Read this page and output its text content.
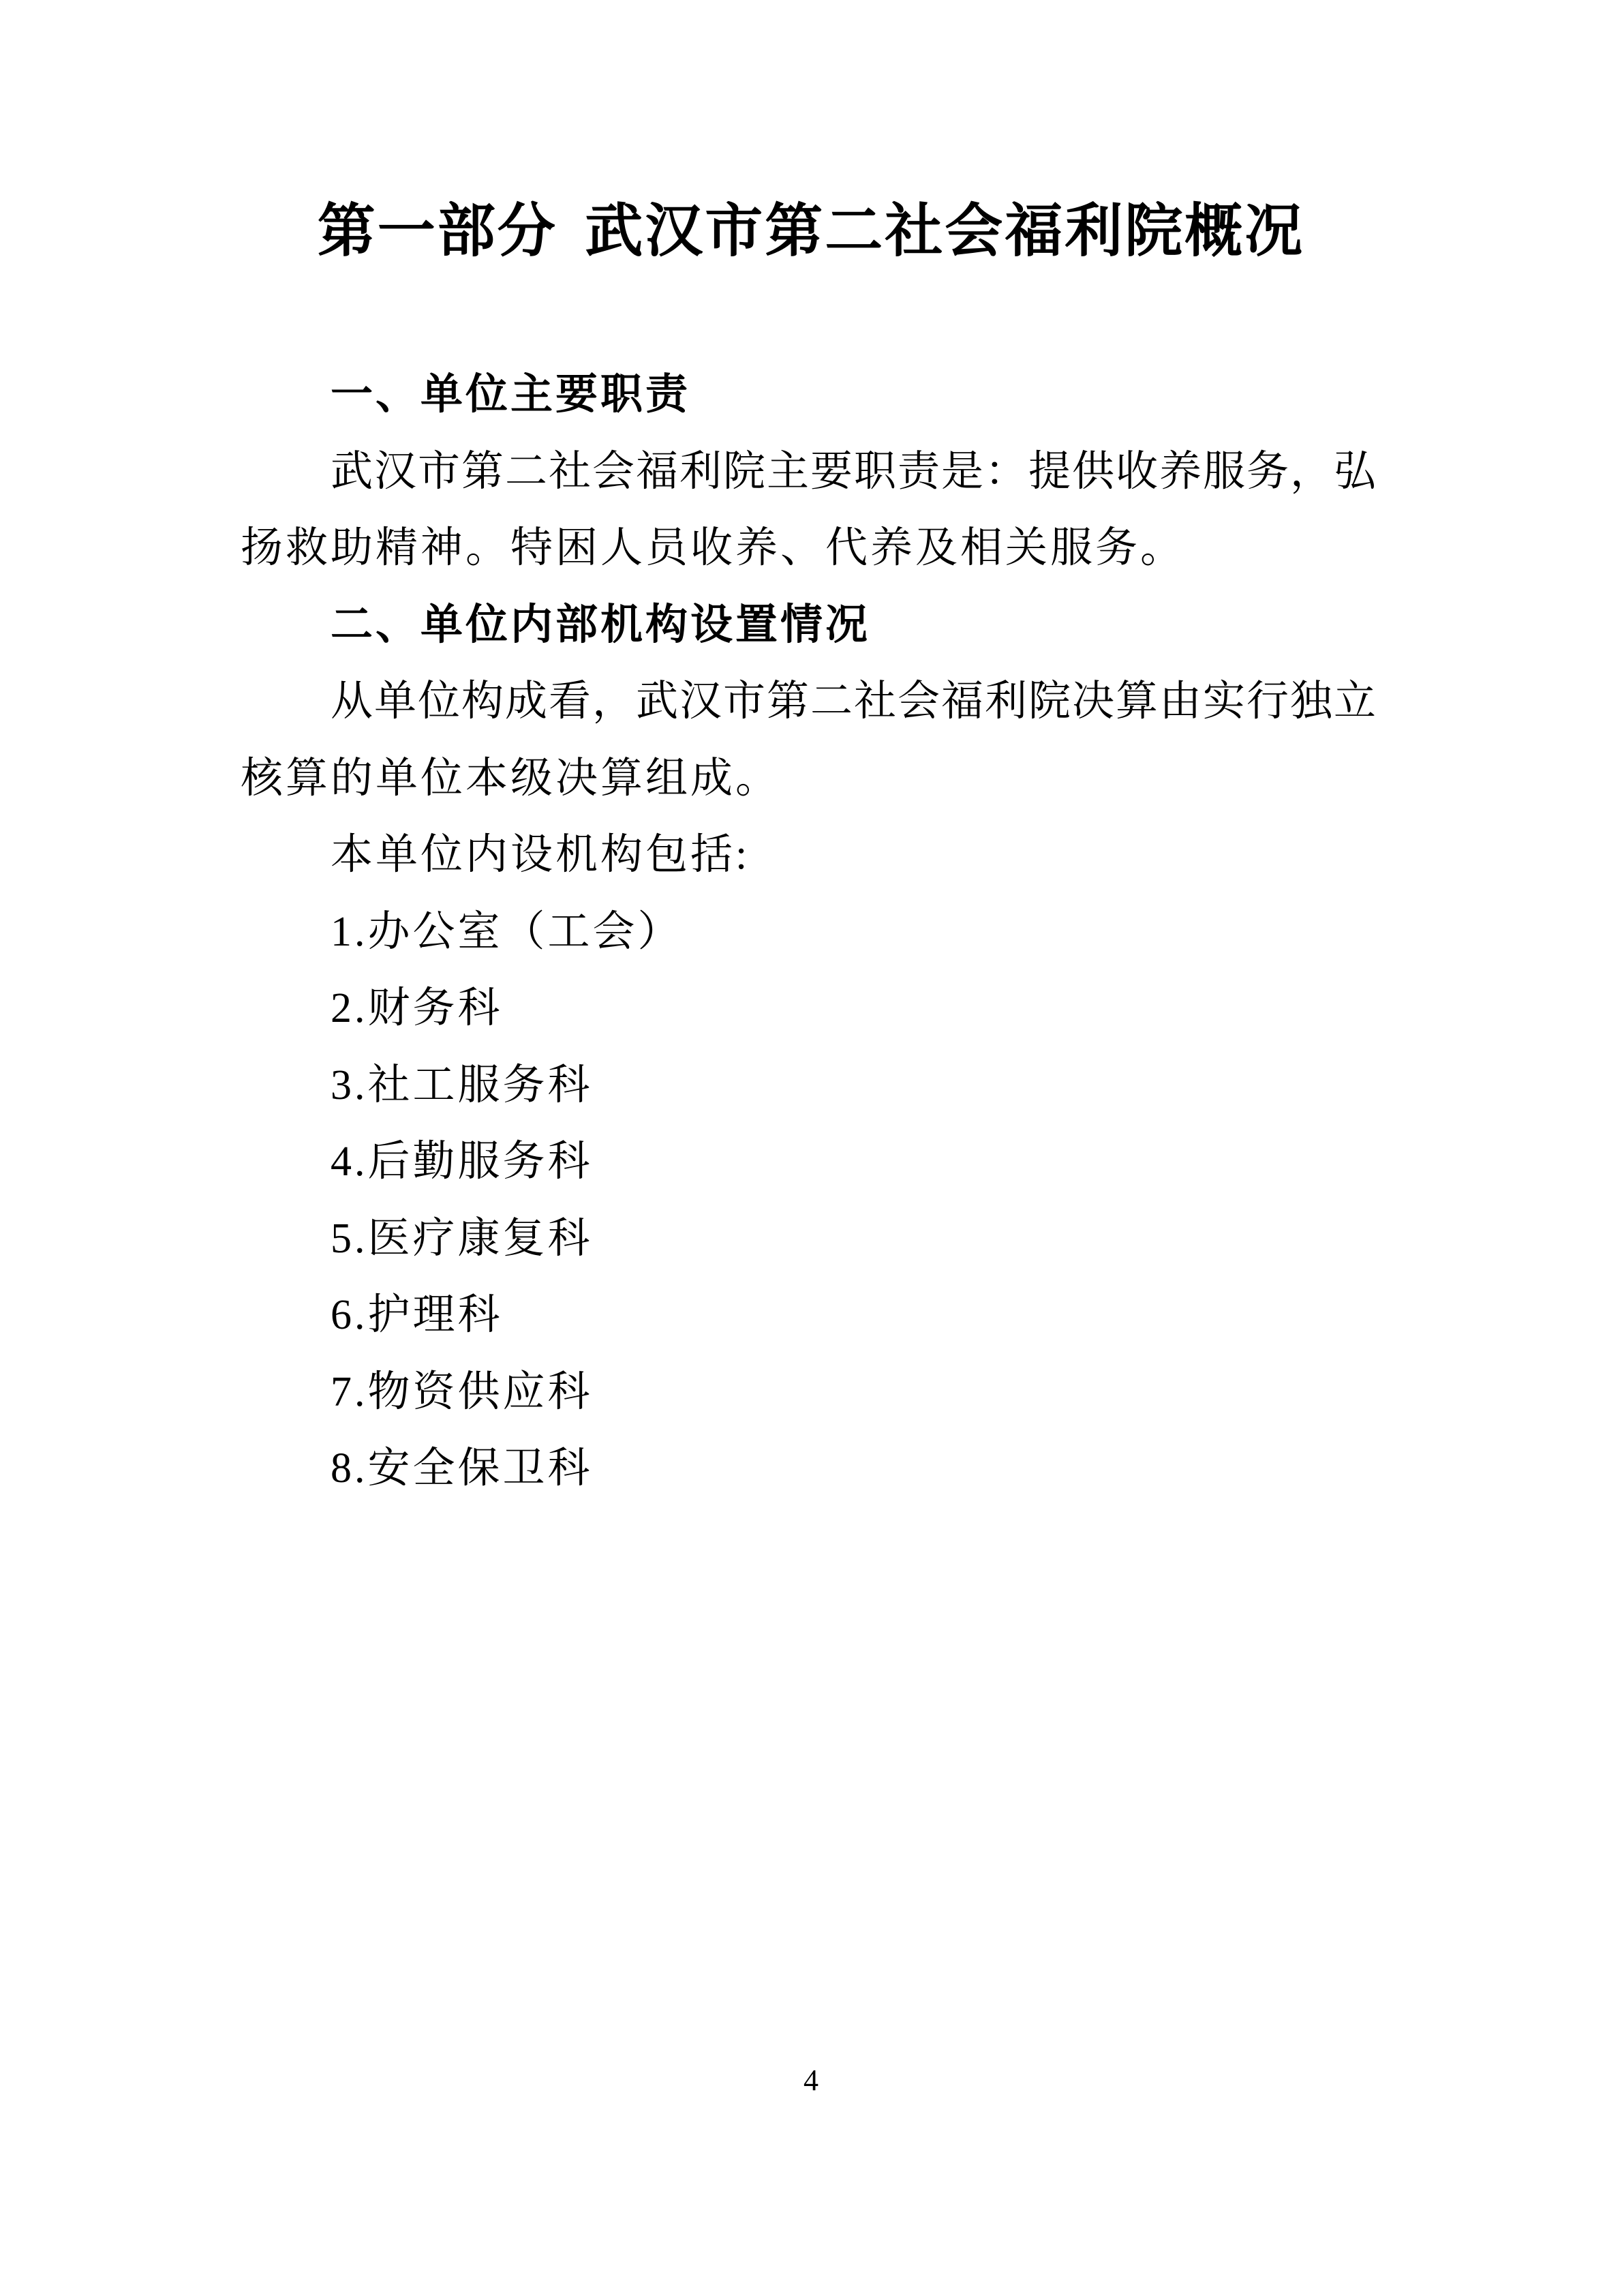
第一部分 武汉市第二社会福利院概况
一、单位主要职责
武汉市第二社会福利院主要职责是：提供收养服务，弘
扬救助精神。特困人员收养、代养及相关服务。
二、单位内部机构设置情况
从单位构成看，武汉市第二社会福利院决算由实行独立
核算的单位本级决算组成。
本单位内设机构包括:
1.办公室（工会）
2.财务科
3.社工服务科
4.后勤服务科
5.医疗康复科
6.护理科
7.物资供应科
8.安全保卫科
4
